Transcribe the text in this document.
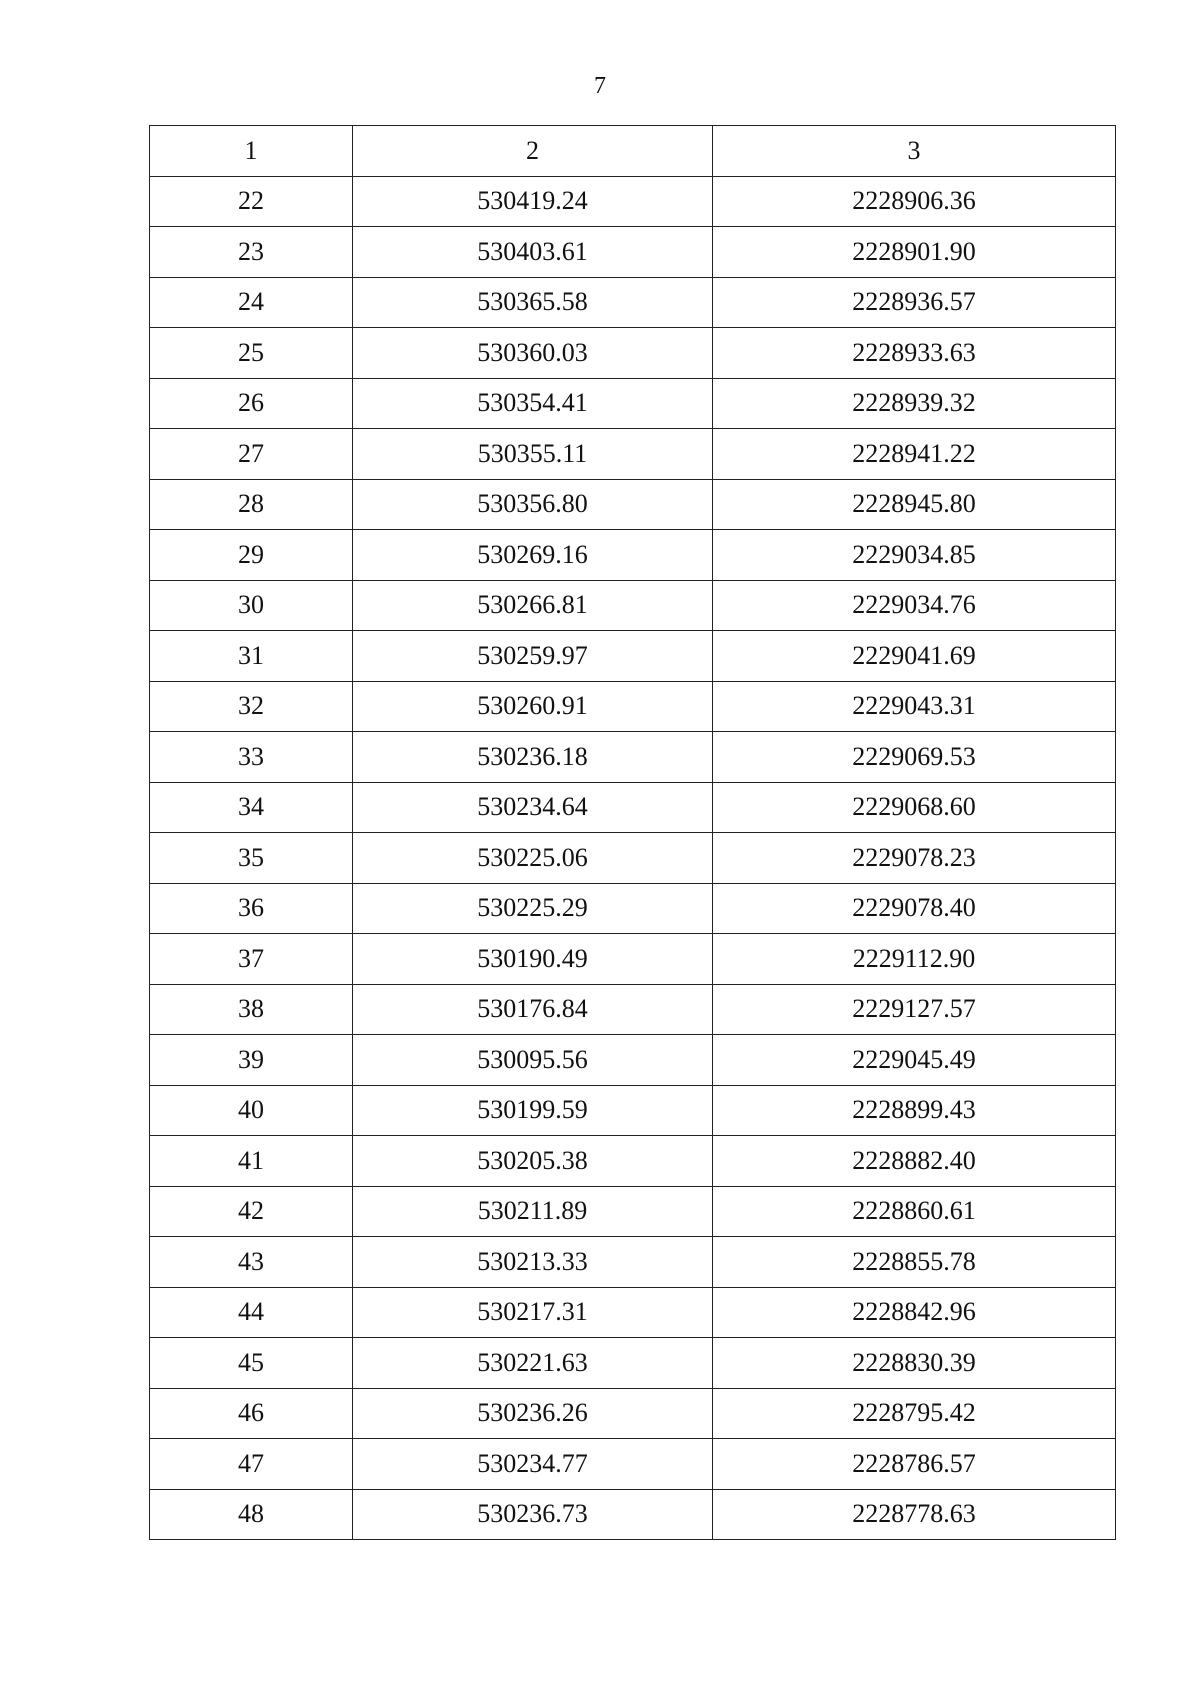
7
1	2	3
22	530419.24	2228906.36
23	530403.61	2228901.90
24	530365.58	2228936.57
25	530360.03	2228933.63
26	530354.41	2228939.32
27	530355.11	2228941.22
28	530356.80	2228945.80
29	530269.16	2229034.85
30	530266.81	2229034.76
31	530259.97	2229041.69
32	530260.91	2229043.31
33	530236.18	2229069.53
34	530234.64	2229068.60
35	530225.06	2229078.23
36	530225.29	2229078.40
37	530190.49	2229112.90
38	530176.84	2229127.57
39	530095.56	2229045.49
40	530199.59	2228899.43
41	530205.38	2228882.40
42	530211.89	2228860.61
43	530213.33	2228855.78
44	530217.31	2228842.96
45	530221.63	2228830.39
46	530236.26	2228795.42
47	530234.77	2228786.57
48	530236.73	2228778.63
